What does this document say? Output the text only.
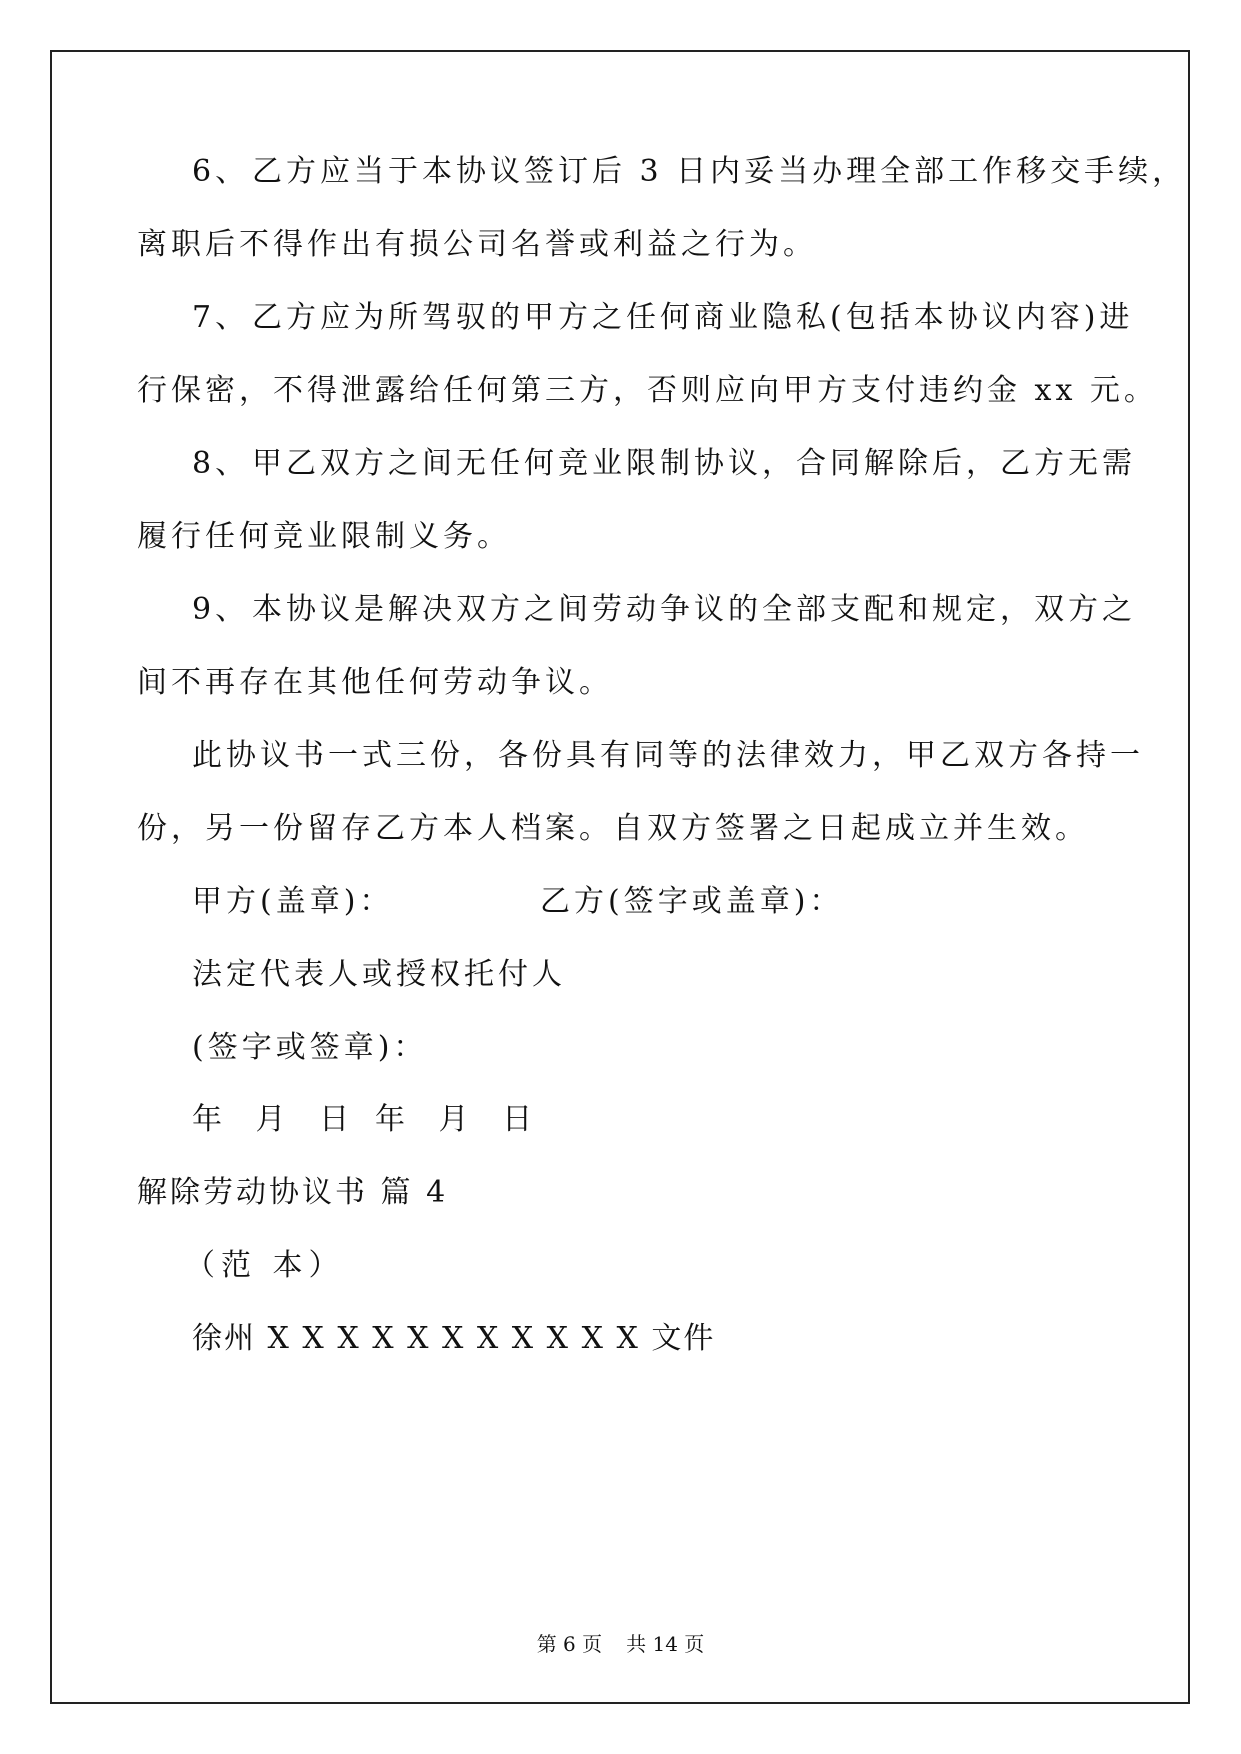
6、乙方应当于本协议签订后 3 日内妥当办理全部工作移交手续，
离职后不得作出有损公司名誉或利益之行为。
7、乙方应为所驾驭的甲方之任何商业隐私(包括本协议内容)进
行保密，不得泄露给任何第三方，否则应向甲方支付违约金 xx 元。
8、甲乙双方之间无任何竞业限制协议，合同解除后，乙方无需
履行任何竞业限制义务。
9、本协议是解决双方之间劳动争议的全部支配和规定，双方之
间不再存在其他任何劳动争议。
此协议书一式三份，各份具有同等的法律效力，甲乙双方各持一
份，另一份留存乙方本人档案。自双方签署之日起成立并生效。
甲方(盖章)：	乙方(签字或盖章)：
法定代表人或授权托付人
(签字或签章)：
年 月 日 年 月 日
解除劳动协议书 篇 4
（范 本）
徐州 X X X X X X X X X X X 文件
第 6 页 共 14 页
